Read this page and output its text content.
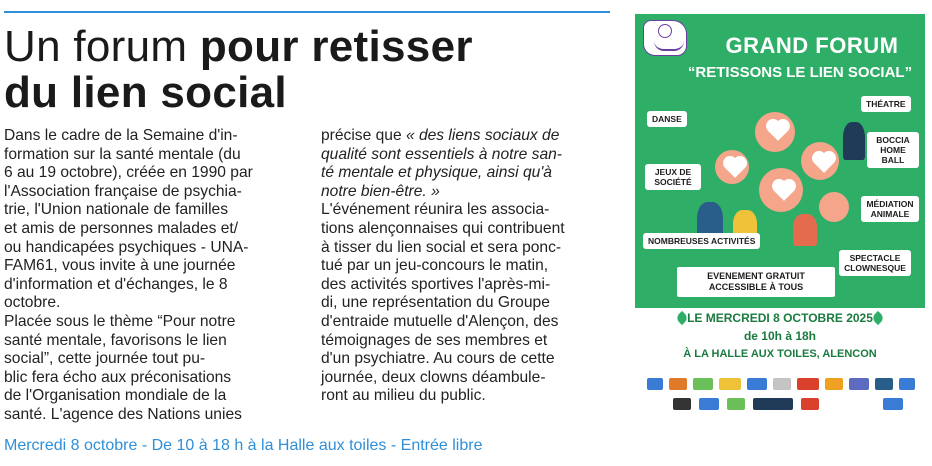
Un forum pour retisser
du lien social

Dans le cadre de la Semaine d'in-

formation sur la santé mentale (du

6 au 19 octobre), créée en 1990 par

l'Association française de psychia-

trie, l'Union nationale de familles

et amis de personnes malades et/

ou handicapées psychiques - UNA-

FAM61, vous invite à une journée

d'information et d'échanges, le 8

octobre.

Placée sous le thème “Pour notre

santé mentale, favorisons le lien

social”, cette journée tout pu-

blic fera écho aux préconisations

de l'Organisation mondiale de la

santé. L'agence des Nations unies

précise que « des liens sociaux de

qualité sont essentiels à notre san-

té mentale et physique, ainsi qu'à

notre bien-être. »

L'événement réunira les associa-

tions alençonnaises qui contribuent

à tisser du lien social et sera ponc-

tué par un jeu-concours le matin,

des activités sportives l'après-mi-

di, une représentation du Groupe

d'entraide mutuelle d'Alençon, des

témoignages de ses membres et

d'un psychiatre. Au cours de cette

journée, deux clowns déambule-

ront au milieu du public.

Mercredi 8 octobre - De 10 à 18 h à la Halle aux toiles - Entrée libre
GRAND FORUM
“RETISSONS LE LIEN SOCIAL”
DANSE
THÉATRE
JEUX DE SOCIÉTÉ
BOCCIA HOME BALL
NOMBREUSES ACTIVITÉS
MÉDIATION ANIMALE
SPECTACLE CLOWNESQUE
EVENEMENT GRATUIT ACCESSIBLE À TOUS
LE MERCREDI 8 OCTOBRE 2025
de 10h à 18h
À LA HALLE AUX TOILES, ALENCON
